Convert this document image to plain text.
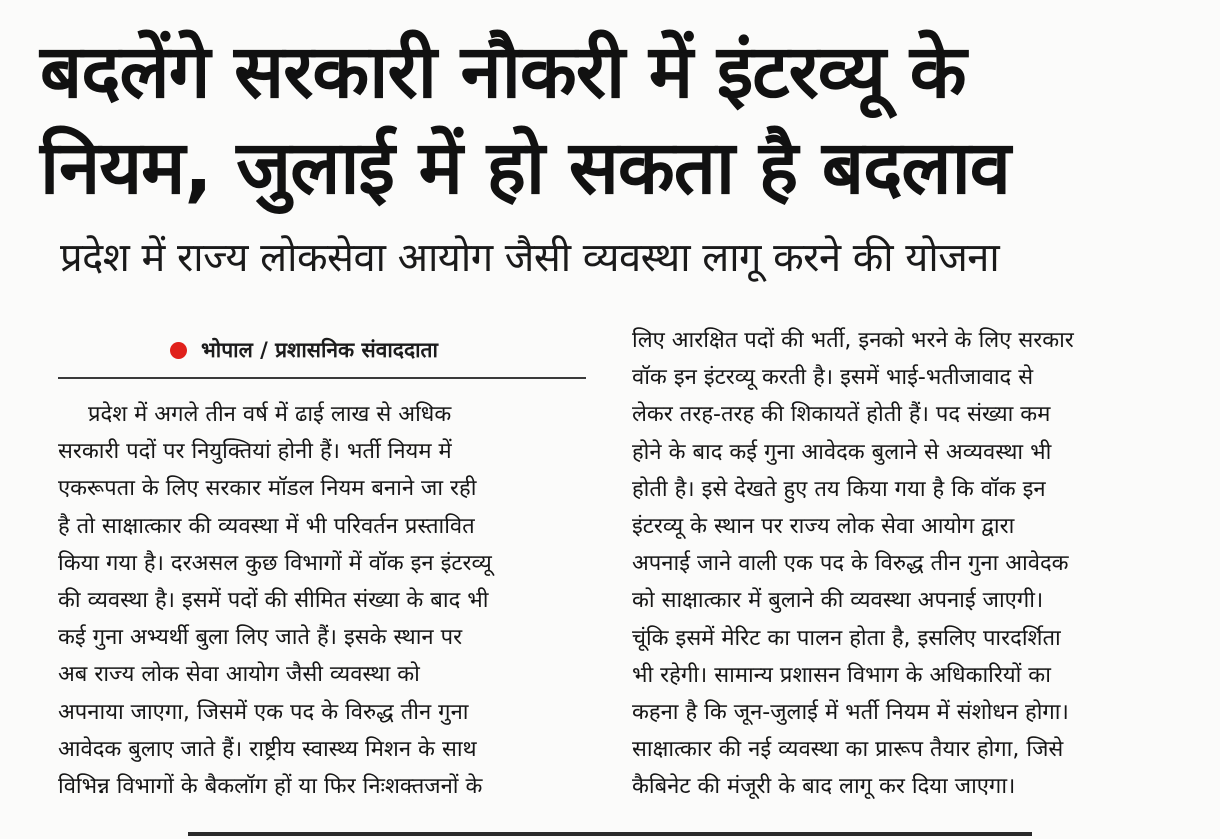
बदलेंगे सरकारी नौकरी में इंटरव्यू के
नियम, जुलाई में हो सकता है बदलाव
प्रदेश में राज्य लोकसेवा आयोग जैसी व्यवस्था लागू करने की योजना
भोपाल / प्रशासनिक संवाददाता
प्रदेश में अगले तीन वर्ष में ढाई लाख से अधिक
सरकारी पदों पर नियुक्तियां होनी हैं। भर्ती नियम में
एकरूपता के लिए सरकार मॉडल नियम बनाने जा रही
है तो साक्षात्कार की व्यवस्था में भी परिवर्तन प्रस्तावित
किया गया है। दरअसल कुछ विभागों में वॉक इन इंटरव्यू
की व्यवस्था है। इसमें पदों की सीमित संख्या के बाद भी
कई गुना अभ्यर्थी बुला लिए जाते हैं। इसके स्थान पर
अब राज्य लोक सेवा आयोग जैसी व्यवस्था को
अपनाया जाएगा, जिसमें एक पद के विरुद्ध तीन गुना
आवेदक बुलाए जाते हैं। राष्ट्रीय स्वास्थ्य मिशन के साथ
विभिन्न विभागों के बैकलॉग हों या फिर निःशक्तजनों के
लिए आरक्षित पदों की भर्ती, इनको भरने के लिए सरकार
वॉक इन इंटरव्यू करती है। इसमें भाई-भतीजावाद से
लेकर तरह-तरह की शिकायतें होती हैं। पद संख्या कम
होने के बाद कई गुना आवेदक बुलाने से अव्यवस्था भी
होती है। इसे देखते हुए तय किया गया है कि वॉक इन
इंटरव्यू के स्थान पर राज्य लोक सेवा आयोग द्वारा
अपनाई जाने वाली एक पद के विरुद्ध तीन गुना आवेदक
को साक्षात्कार में बुलाने की व्यवस्था अपनाई जाएगी।
चूंकि इसमें मेरिट का पालन होता है, इसलिए पारदर्शिता
भी रहेगी। सामान्य प्रशासन विभाग के अधिकारियों का
कहना है कि जून-जुलाई में भर्ती नियम में संशोधन होगा।
साक्षात्कार की नई व्यवस्था का प्रारूप तैयार होगा, जिसे
कैबिनेट की मंजूरी के बाद लागू कर दिया जाएगा।
